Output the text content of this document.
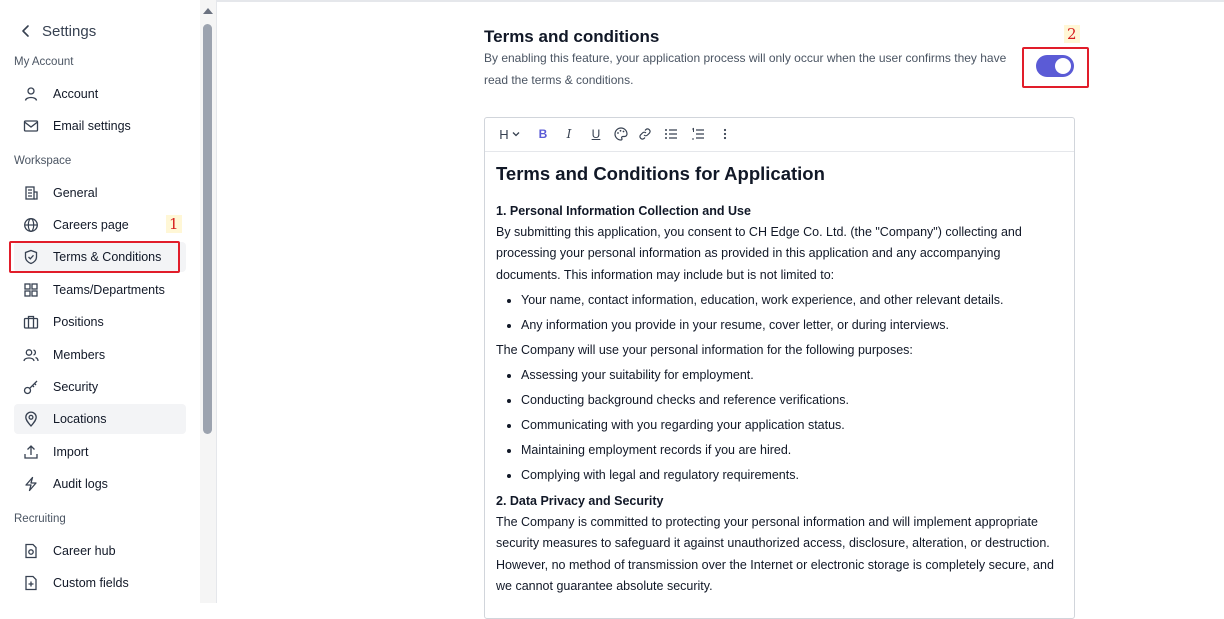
Settings
My Account
Account
Email settings
Workspace
General
Careers page
Terms & Conditions
Teams/Departments
Positions
Members
Security
Locations
Import
Audit logs
Recruiting
Career hub
Custom fields
1
Terms and conditions
By enabling this feature, your application process will only occur when the user confirms they have read the terms & conditions.
2
H	B	I	U
Terms and Conditions for Application
1. Personal Information Collection and Use
By submitting this application, you consent to CH Edge Co. Ltd. (the "Company") collecting and processing your personal information as provided in this application and any accompanying documents. This information may include but is not limited to:
• Your name, contact information, education, work experience, and other relevant details.
• Any information you provide in your resume, cover letter, or during interviews.
The Company will use your personal information for the following purposes:
• Assessing your suitability for employment.
• Conducting background checks and reference verifications.
• Communicating with you regarding your application status.
• Maintaining employment records if you are hired.
• Complying with legal and regulatory requirements.
2. Data Privacy and Security
The Company is committed to protecting your personal information and will implement appropriate security measures to safeguard it against unauthorized access, disclosure, alteration, or destruction. However, no method of transmission over the Internet or electronic storage is completely secure, and we cannot guarantee absolute security.
